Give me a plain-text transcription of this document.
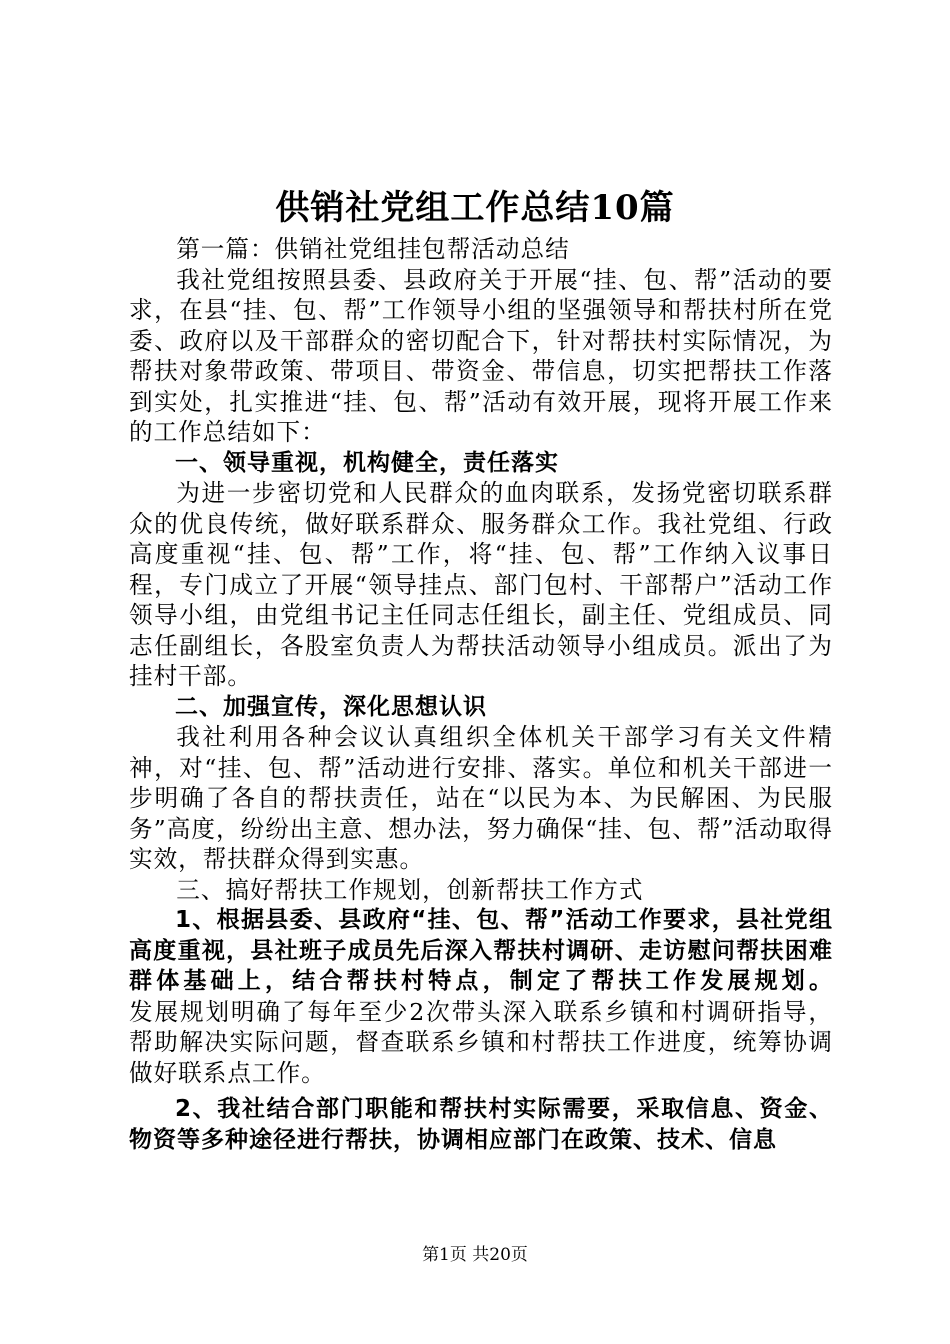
供销社党组工作总结10篇

第一篇：供销社党组挂包帮活动总结

我社党组按照县委、县政府关于开展“挂、包、帮”活动的要求，在县“挂、包、帮”工作领导小组的坚强领导和帮扶村所在党委、政府以及干部群众的密切配合下，针对帮扶村实际情况，为帮扶对象带政策、带项目、带资金、带信息，切实把帮扶工作落到实处，扎实推进“挂、包、帮”活动有效开展，现将开展工作来的工作总结如下：

一、领导重视，机构健全，责任落实

为进一步密切党和人民群众的血肉联系，发扬党密切联系群众的优良传统，做好联系群众、服务群众工作。我社党组、行政高度重视“挂、包、帮”工作，将“挂、包、帮”工作纳入议事日程，专门成立了开展“领导挂点、部门包村、干部帮户”活动工作领导小组，由党组书记主任同志任组长，副主任、党组成员、同志任副组长，各股室负责人为帮扶活动领导小组成员。派出了为挂村干部。

二、加强宣传，深化思想认识

我社利用各种会议认真组织全体机关干部学习有关文件精神，对“挂、包、帮”活动进行安排、落实。单位和机关干部进一步明确了各自的帮扶责任，站在“以民为本、为民解困、为民服务”高度，纷纷出主意、想办法，努力确保“挂、包、帮”活动取得实效，帮扶群众得到实惠。

三、搞好帮扶工作规划，创新帮扶工作方式

1、根据县委、县政府“挂、包、帮”活动工作要求，县社党组高度重视，县社班子成员先后深入帮扶村调研、走访慰问帮扶困难群体基础上，结合帮扶村特点，制定了帮扶工作发展规划。

发展规划明确了每年至少2次带头深入联系乡镇和村调研指导，帮助解决实际问题，督查联系乡镇和村帮扶工作进度，统筹协调做好联系点工作。

2、我社结合部门职能和帮扶村实际需要，采取信息、资金、物资等多种途径进行帮扶，协调相应部门在政策、技术、信息

第1页 共20页
